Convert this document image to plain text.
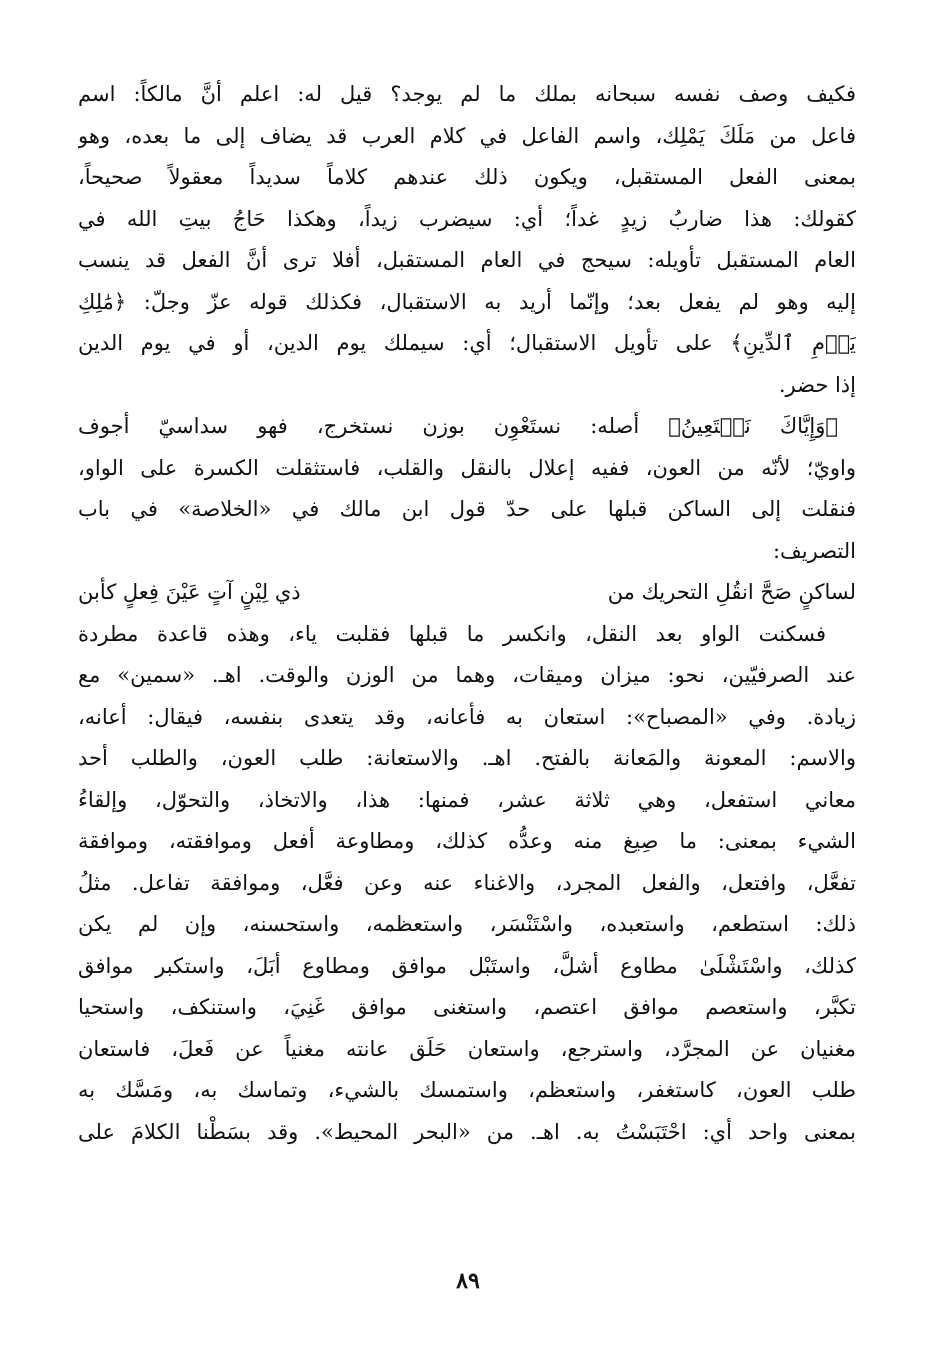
فكيف وصف نفسه سبحانه بملك ما لم يوجد؟ قيل له: اعلم أنَّ مالكاً: اسم
فاعل من مَلَكَ يَمْلِك، واسم الفاعل في كلام العرب قد يضاف إلى ما بعده، وهو
بمعنى الفعل المستقبل، ويكون ذلك عندهم كلاماً سديداً معقولاً صحيحاً،
كقولك: هذا ضاربُ زيدٍ غداً؛ أي: سيضرب زيداً، وهكذا حَاجُ بيتِ الله في
العام المستقبل تأويله: سيحج في العام المستقبل، أفلا ترى أنَّ الفعل قد ينسب
إليه وهو لم يفعل بعد؛ وإنّما أريد به الاستقبال، فكذلك قوله عزّ وجلّ: ﴿مَٰلِكِ
يَوۡمِ ٱلدِّينِ﴾ على تأويل الاستقبال؛ أي: سيملك يوم الدين، أو في يوم الدين
إذا حضر.
﴿وَإِيَّاكَ نَسۡتَعِينُ﴾ أصله: نستَعْوِن بوزن نستخرج، فهو سداسيّ أجوف
واويّ؛ لأنّه من العون، ففيه إعلال بالنقل والقلب، فاستثقلت الكسرة على الواو،
فنقلت إلى الساكن قبلها على حدّ قول ابن مالك في «الخلاصة» في باب
التصريف:
لساكنٍ صَحَّ انقُلِ التحريك من
ذي لِيْنٍ آتٍ عَيْنَ فِعلٍ كأبن
فسكنت الواو بعد النقل، وانكسر ما قبلها فقلبت ياء، وهذه قاعدة مطردة
عند الصرفيّين، نحو: ميزان وميقات، وهما من الوزن والوقت. اهـ. «سمين» مع
زيادة. وفي «المصباح»: استعان به فأعانه، وقد يتعدى بنفسه، فيقال: أعانه،
والاسم: المعونة والمَعانة بالفتح. اهـ. والاستعانة: طلب العون، والطلب أحد
معاني استفعل، وهي ثلاثة عشر، فمنها: هذا، والاتخاذ، والتحوّل، وإلقاءُ
الشيء بمعنى: ما صِيغ منه وعدُّه كذلك، ومطاوعة أفعل وموافقته، وموافقة
تفعَّل، وافتعل، والفعل المجرد، والاغناء عنه وعن فعَّل، وموافقة تفاعل. مثلُ
ذلك: استطعم، واستعبده، واسْتَنْسَر، واستعظمه، واستحسنه، وإن لم يكن
كذلك، واسْتَشْلَىٰ مطاوع أشلَّ، واستَبْل موافق ومطاوع أبَلَ، واستكبر موافق
تكبَّر، واستعصم موافق اعتصم، واستغنى موافق غَنِيَ، واستنكف، واستحيا
مغنيان عن المجرَّد، واسترجع، واستعان حَلَق عانته مغنياً عن فَعلَ، فاستعان
طلب العون، كاستغفر، واستعظم، واستمسك بالشيء، وتماسك به، ومَسَّك به
بمعنى واحد أي: احْتَبَسْتُ به. اهـ. من «البحر المحيط». وقد بسَطْنا الكلامَ على
٨٩
